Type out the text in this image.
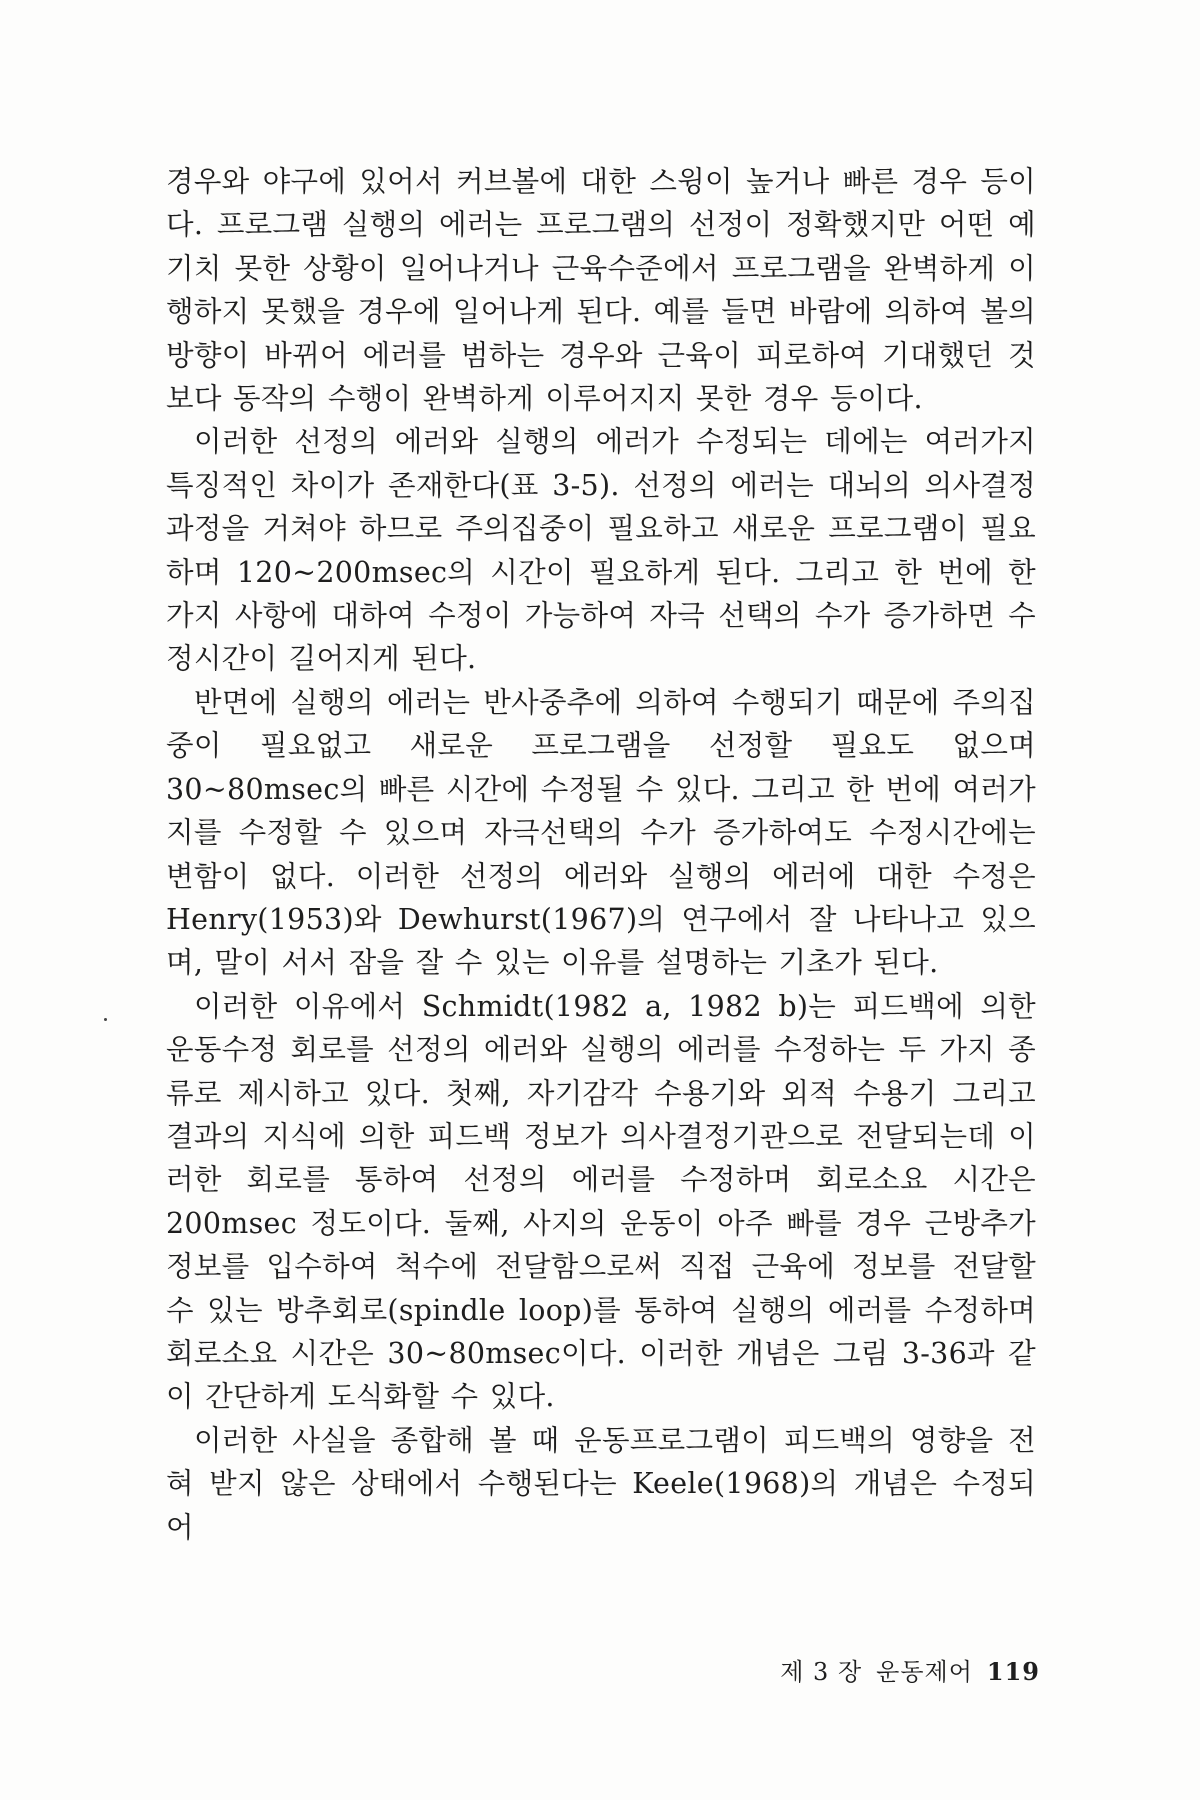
경우와 야구에 있어서 커브볼에 대한 스윙이 높거나 빠른 경우 등이다. 프로그램 실행의 에러는 프로그램의 선정이 정확했지만 어떤 예기치 못한 상황이 일어나거나 근육수준에서 프로그램을 완벽하게 이행하지 못했을 경우에 일어나게 된다. 예를 들면 바람에 의하여 볼의 방향이 바뀌어 에러를 범하는 경우와 근육이 피로하여 기대했던 것보다 동작의 수행이 완벽하게 이루어지지 못한 경우 등이다.

이러한 선정의 에러와 실행의 에러가 수정되는 데에는 여러가지 특징적인 차이가 존재한다(표 3-5). 선정의 에러는 대뇌의 의사결정 과정을 거쳐야 하므로 주의집중이 필요하고 새로운 프로그램이 필요하며 120~200msec의 시간이 필요하게 된다. 그리고 한 번에 한 가지 사항에 대하여 수정이 가능하여 자극 선택의 수가 증가하면 수정시간이 길어지게 된다.

반면에 실행의 에러는 반사중추에 의하여 수행되기 때문에 주의집중이 필요없고 새로운 프로그램을 선정할 필요도 없으며 30~80msec의 빠른 시간에 수정될 수 있다. 그리고 한 번에 여러가지를 수정할 수 있으며 자극선택의 수가 증가하여도 수정시간에는 변함이 없다. 이러한 선정의 에러와 실행의 에러에 대한 수정은 Henry(1953)와 Dewhurst(1967)의 연구에서 잘 나타나고 있으며, 말이 서서 잠을 잘 수 있는 이유를 설명하는 기초가 된다.

이러한 이유에서 Schmidt(1982 a, 1982 b)는 피드백에 의한 운동수정 회로를 선정의 에러와 실행의 에러를 수정하는 두 가지 종류로 제시하고 있다. 첫째, 자기감각 수용기와 외적 수용기 그리고 결과의 지식에 의한 피드백 정보가 의사결정기관으로 전달되는데 이러한 회로를 통하여 선정의 에러를 수정하며 회로소요 시간은 200msec 정도이다. 둘째, 사지의 운동이 아주 빠를 경우 근방추가 정보를 입수하여 척수에 전달함으로써 직접 근육에 정보를 전달할 수 있는 방추회로(spindle loop)를 통하여 실행의 에러를 수정하며 회로소요 시간은 30~80msec이다. 이러한 개념은 그림 3-36과 같이 간단하게 도식화할 수 있다.

이러한 사실을 종합해 볼 때 운동프로그램이 피드백의 영향을 전혀 받지 않은 상태에서 수행된다는 Keele(1968)의 개념은 수정되어

제 3 장 운동제어 119
